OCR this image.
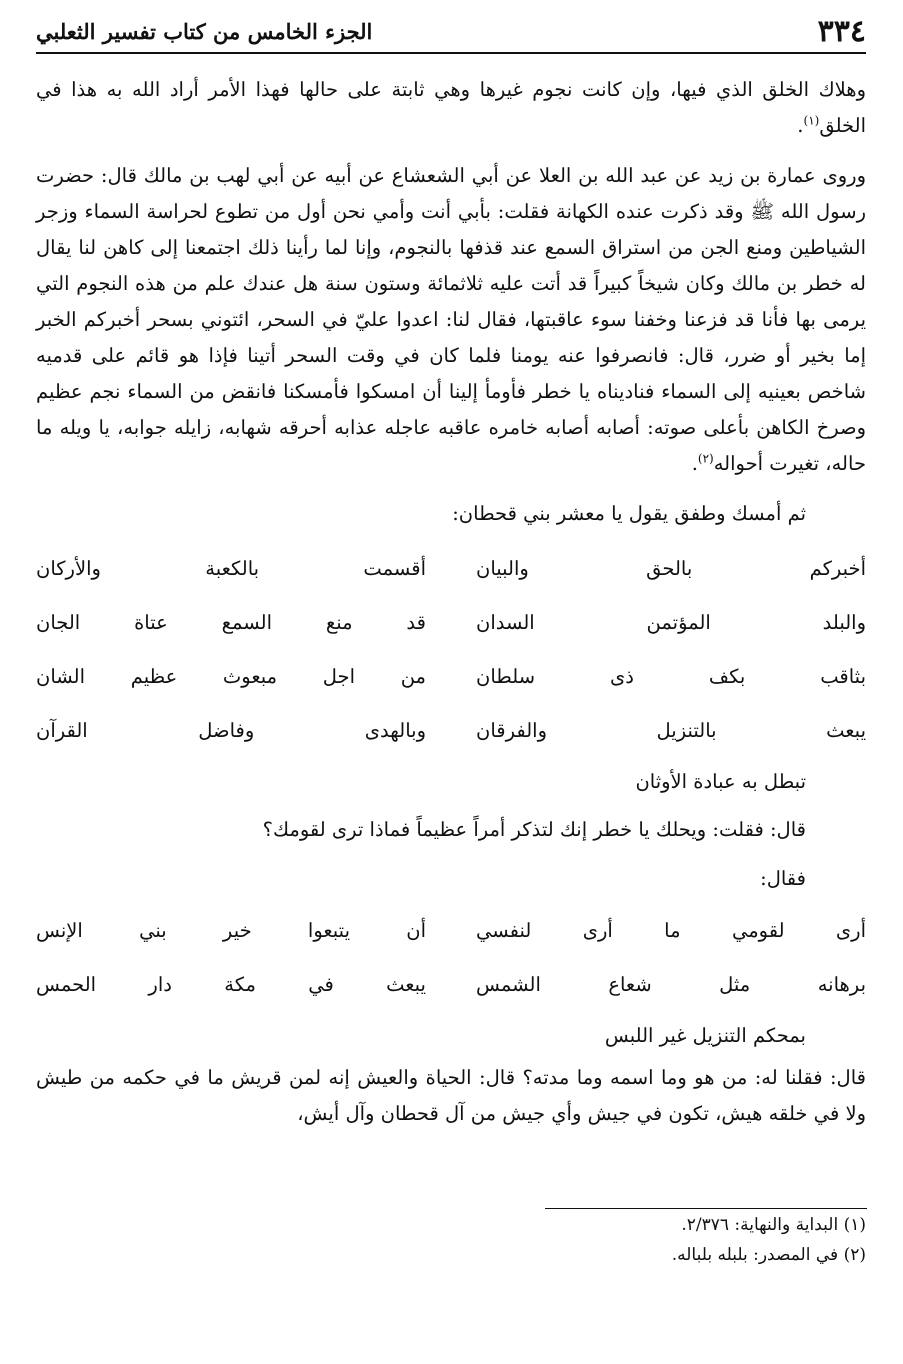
٣٣٤
الجزء الخامس من كتاب تفسير الثعلبي

وهلاك الخلق الذي فيها، وإن كانت نجوم غيرها وهي ثابتة على حالها فهذا الأمر أراد الله به هذا في الخلق$^{(١)}$.

وروى عمارة بن زيد عن عبد الله بن العلا عن أبي الشعشاع عن أبيه عن أبي لهب بن مالك قال: حضرت رسول الله ﷺ وقد ذكرت عنده الكهانة فقلت: بأبي أنت وأمي نحن أول من تطوع لحراسة السماء وزجر الشياطين ومنع الجن من استراق السمع عند قذفها بالنجوم، وإنا لما رأينا ذلك اجتمعنا إلى كاهن لنا يقال له خطر بن مالك وكان شيخاً كبيراً قد أتت عليه ثلاثمائة وستون سنة هل عندك علم من هذه النجوم التي يرمى بها فأنا قد فزعنا وخفنا سوء عاقبتها، فقال لنا: اعدوا عليّ في السحر، ائتوني بسحر أخبركم الخبر إما بخير أو ضرر، قال: فانصرفوا عنه يومنا فلما كان في وقت السحر أتينا فإذا هو قائم على قدميه شاخص بعينيه إلى السماء فناديناه يا خطر فأومأ إلينا أن امسكوا فأمسكنا فانقض من السماء نجم عظيم وصرخ الكاهن بأعلى صوته: أصابه أصابه خامره عاقبه عاجله عذابه أحرقه شهابه، زايله جوابه، يا ويله ما حاله، تغيرت أحواله$^{(٢)}$.

ثم أمسك وطفق يقول يا معشر بني قحطان:

أخبركم بالحق والبيان
أقسمت بالكعبة والأركان
والبلد المؤتمن السدان
قد منع السمع عتاة الجان
بثاقب بكف ذى سلطان
من اجل مبعوث عظيم الشان
يبعث بالتنزيل والفرقان
وبالهدى وفاضل القرآن
تبطل به عبادة الأوثان
قال: فقلت: ويحلك يا خطر إنك لتذكر أمراً عظيماً فماذا ترى لقومك؟
فقال:
أرى لقومي ما أرى لنفسي
أن يتبعوا خير بني الإنس
برهانه مثل شعاع الشمس
يبعث في مكة دار الحمس
بمحكم التنزيل غير اللبس

قال: فقلنا له: من هو وما اسمه وما مدته؟ قال: الحياة والعيش إنه لمن قريش ما في حكمه من طيش ولا في خلقه هيش، تكون في جيش وأي جيش من آل قحطان وآل أيش،

(١) البداية والنهاية: ٢/٣٧٦.

(٢) في المصدر: بلبله بلباله.
